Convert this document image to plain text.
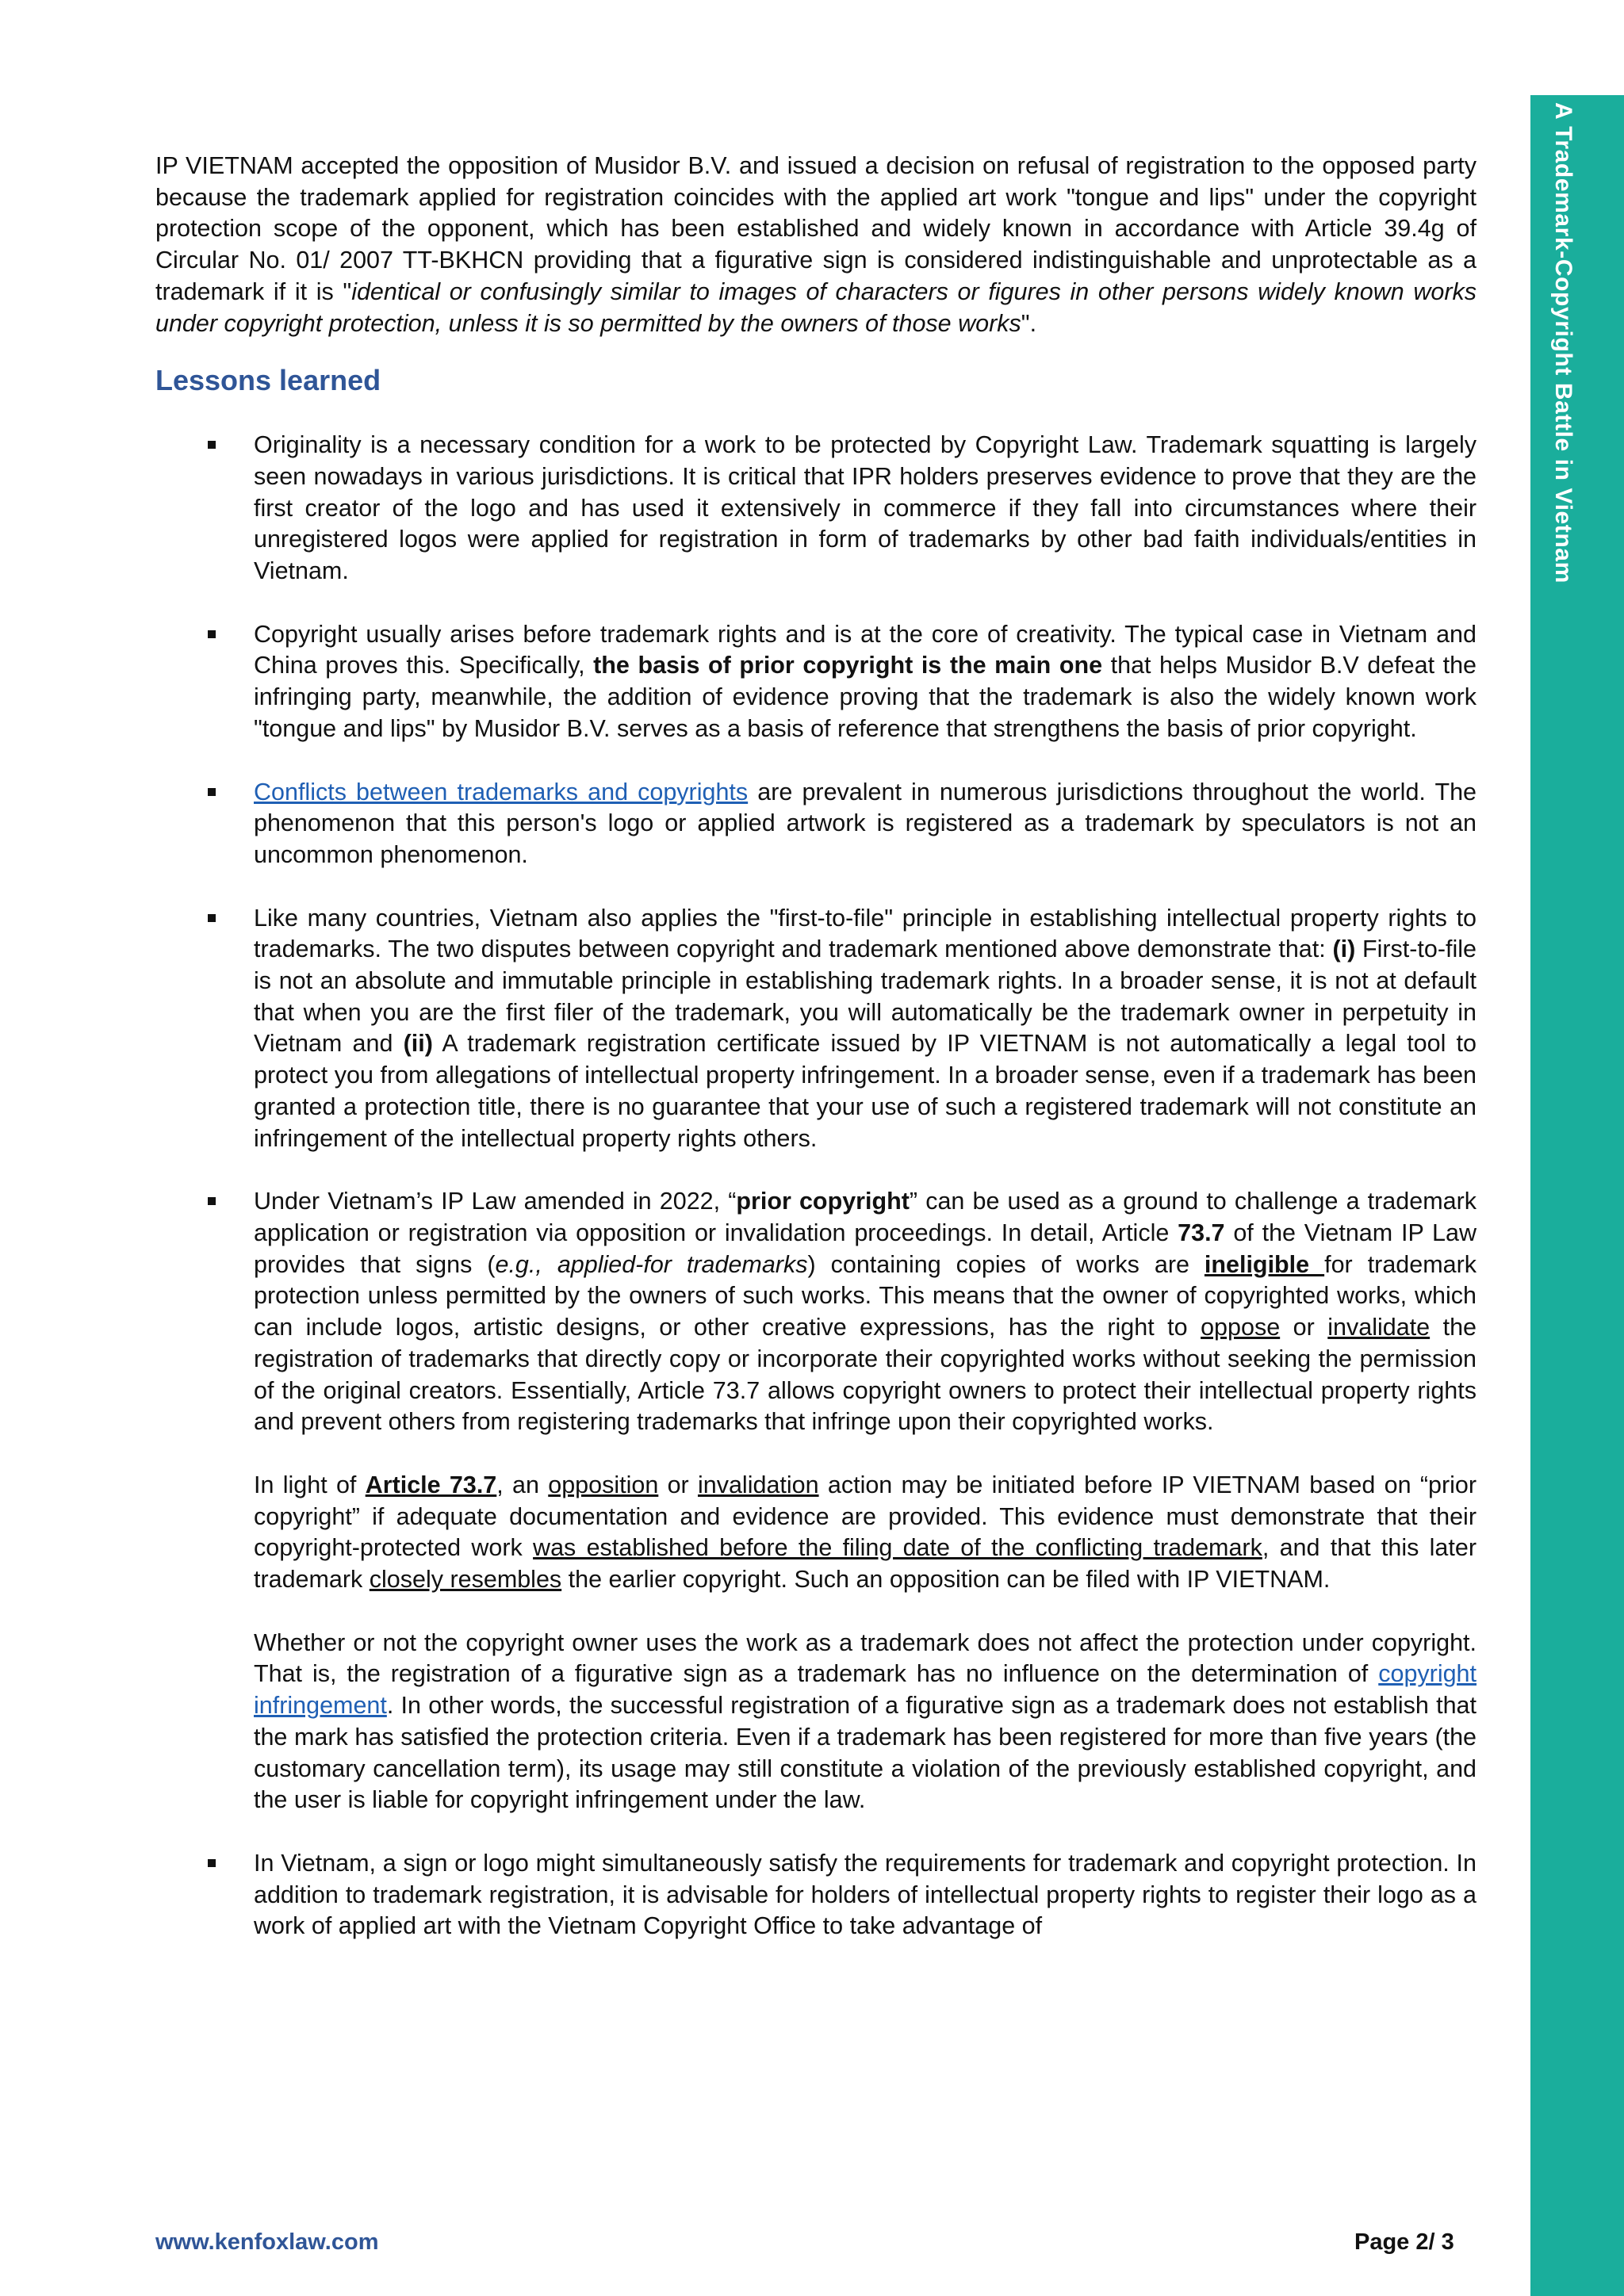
A Trademark-Copyright Battle in Vietnam

IP VIETNAM accepted the opposition of Musidor B.V. and issued a decision on refusal of registration to the opposed party because the trademark applied for registration coincides with the applied art work "tongue and lips" under the copyright protection scope of the opponent, which has been established and widely known in accordance with Article 39.4g of Circular No. 01/ 2007 TT-BKHCN providing that a figurative sign is considered indistinguishable and unprotectable as a trademark if it is "identical or confusingly similar to images of characters or figures in other persons widely known works under copyright protection, unless it is so permitted by the owners of those works".

Lessons learned

Originality is a necessary condition for a work to be protected by Copyright Law. Trademark squatting is largely seen nowadays in various jurisdictions. It is critical that IPR holders preserves evidence to prove that they are the first creator of the logo and has used it extensively in commerce if they fall into circumstances where their unregistered logos were applied for registration in form of trademarks by other bad faith individuals/entities in Vietnam.

Copyright usually arises before trademark rights and is at the core of creativity. The typical case in Vietnam and China proves this. Specifically, the basis of prior copyright is the main one that helps Musidor B.V defeat the infringing party, meanwhile, the addition of evidence proving that the trademark is also the widely known work "tongue and lips" by Musidor B.V. serves as a basis of reference that strengthens the basis of prior copyright.

Conflicts between trademarks and copyrights are prevalent in numerous jurisdictions throughout the world. The phenomenon that this person's logo or applied artwork is registered as a trademark by speculators is not an uncommon phenomenon.

Like many countries, Vietnam also applies the "first-to-file" principle in establishing intellectual property rights to trademarks. The two disputes between copyright and trademark mentioned above demonstrate that: (i) First-to-file is not an absolute and immutable principle in establishing trademark rights. In a broader sense, it is not at default that when you are the first filer of the trademark, you will automatically be the trademark owner in perpetuity in Vietnam and (ii) A trademark registration certificate issued by IP VIETNAM is not automatically a legal tool to protect you from allegations of intellectual property infringement. In a broader sense, even if a trademark has been granted a protection title, there is no guarantee that your use of such a registered trademark will not constitute an infringement of the intellectual property rights others.

Under Vietnam’s IP Law amended in 2022, “prior copyright” can be used as a ground to challenge a trademark application or registration via opposition or invalidation proceedings. In detail, Article 73.7 of the Vietnam IP Law provides that signs (e.g., applied-for trademarks) containing copies of works are ineligible for trademark protection unless permitted by the owners of such works. This means that the owner of copyrighted works, which can include logos, artistic designs, or other creative expressions, has the right to oppose or invalidate the registration of trademarks that directly copy or incorporate their copyrighted works without seeking the permission of the original creators. Essentially, Article 73.7 allows copyright owners to protect their intellectual property rights and prevent others from registering trademarks that infringe upon their copyrighted works.

In light of Article 73.7, an opposition or invalidation action may be initiated before IP VIETNAM based on “prior copyright” if adequate documentation and evidence are provided. This evidence must demonstrate that their copyright-protected work was established before the filing date of the conflicting trademark, and that this later trademark closely resembles the earlier copyright. Such an opposition can be filed with IP VIETNAM.

Whether or not the copyright owner uses the work as a trademark does not affect the protection under copyright. That is, the registration of a figurative sign as a trademark has no influence on the determination of copyright infringement. In other words, the successful registration of a figurative sign as a trademark does not establish that the mark has satisfied the protection criteria. Even if a trademark has been registered for more than five years (the customary cancellation term), its usage may still constitute a violation of the previously established copyright, and the user is liable for copyright infringement under the law.

In Vietnam, a sign or logo might simultaneously satisfy the requirements for trademark and copyright protection. In addition to trademark registration, it is advisable for holders of intellectual property rights to register their logo as a work of applied art with the Vietnam Copyright Office to take advantage of

www.kenfoxlaw.com	Page 2/ 3
